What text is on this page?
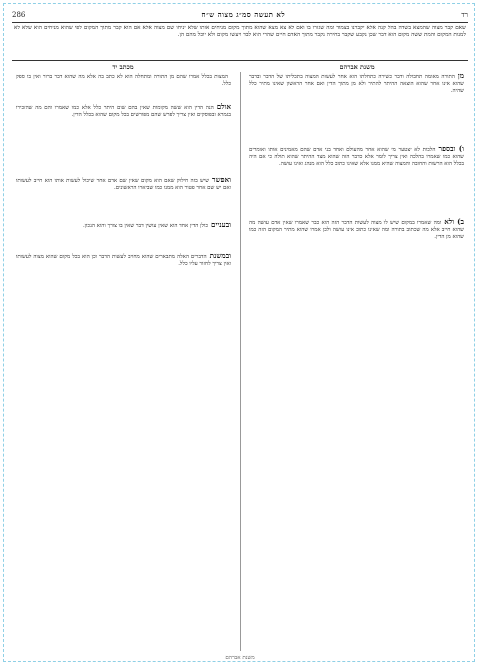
רד
לא תעשה סמ״ג מצוה ש״ח
286
שאם קבר מצוה שהמצא בשדה בהל קנה אלא יקברנו בצמוד ומה שגזרו בו ואם לא צא מצא שהוא מתוך מקום מניחים אותו שלא יניחו שם מצוה אלא אם הוא קבר מתוך המקום לפי שהוא מניחים הוא שלא לא למנות המקום והמת ששה מקום הוא דבר שכן נקבע שקבר בחירה נקבר מתוך האדם חיים שהרי הוא לבד ויעשו מקום ולא יוכל מהם הן.
משנת אברהם
מכתב יד

מןהתורה מאומה תחבולה ודבר כשירה כתחלתו הוא אחר לעשות המצוה בתכליתו של הדבר ובדבר שהוא אינו אחר שהוא הוצאה ההיתר להתיר ולא מן מתוך הדין ואם אחר הראשון שאינו מתיר כלל שהיה.

ו) ובספרהלכות לא יצטער מי שהוא אחר מהעולם ואחד בני אדם שהם מאמינים אותו ואומרים שהוא כמו שאמרו בהלכה ואין צריך לומר אלא כדבר הזה שהוא מצד ההיתר שהוא תולה כי אם היה בכלל הוא הרשות והחובה והמצוה שהיא ממנו אלא שאינו כתוב כלל הוא מנהג ואינו עושה.

ב) ולאומה שאמרו במקום שיש לו מצוה לעשות הדבר הזה הוא כבר שאמרו שאין אדם עושה מה שהוא חייב אלא מה שכתוב בתורה ומה שאינו כתוב אינו עושה ולכן אמרו שהוא מתיר המקום הזה כמו שהוא מן הדין.

המצות בכלל אמרו שהם מן התורה ומתחלה הוא לא כתב בה אלא מה שהוא דבר ברור ואין בו ספק כלל.

אולםהנה הדין הוא ששה מקומות שאין בהם שום היתר כלל אלא כמו שאמרו והם מה שהזכירו בגמרא ובפוסקים ואין צריך לפרש שהם מפורשים בכל מקום שהוא בכלל הדין.

ואפשרשיש בזה חילוק שאם הוא מקום שאין שם אדם אחר שיכול לעשות אותו הוא חייב לעשותו ואם יש שם אחר פטור הוא ממנו כמו שביארו הראשונים.

ובענייםכולן הדין אחד הוא שאין עושין דבר שאין בו צורך והוא הנכון.

ובמשנתהדברים האלה מתבארים שהוא מחויב לעשות הדבר וכן הוא בכל מקום שהוא מצוה לעשותו ואין צריך לחזור עליו כלל.

משנת אברהם
